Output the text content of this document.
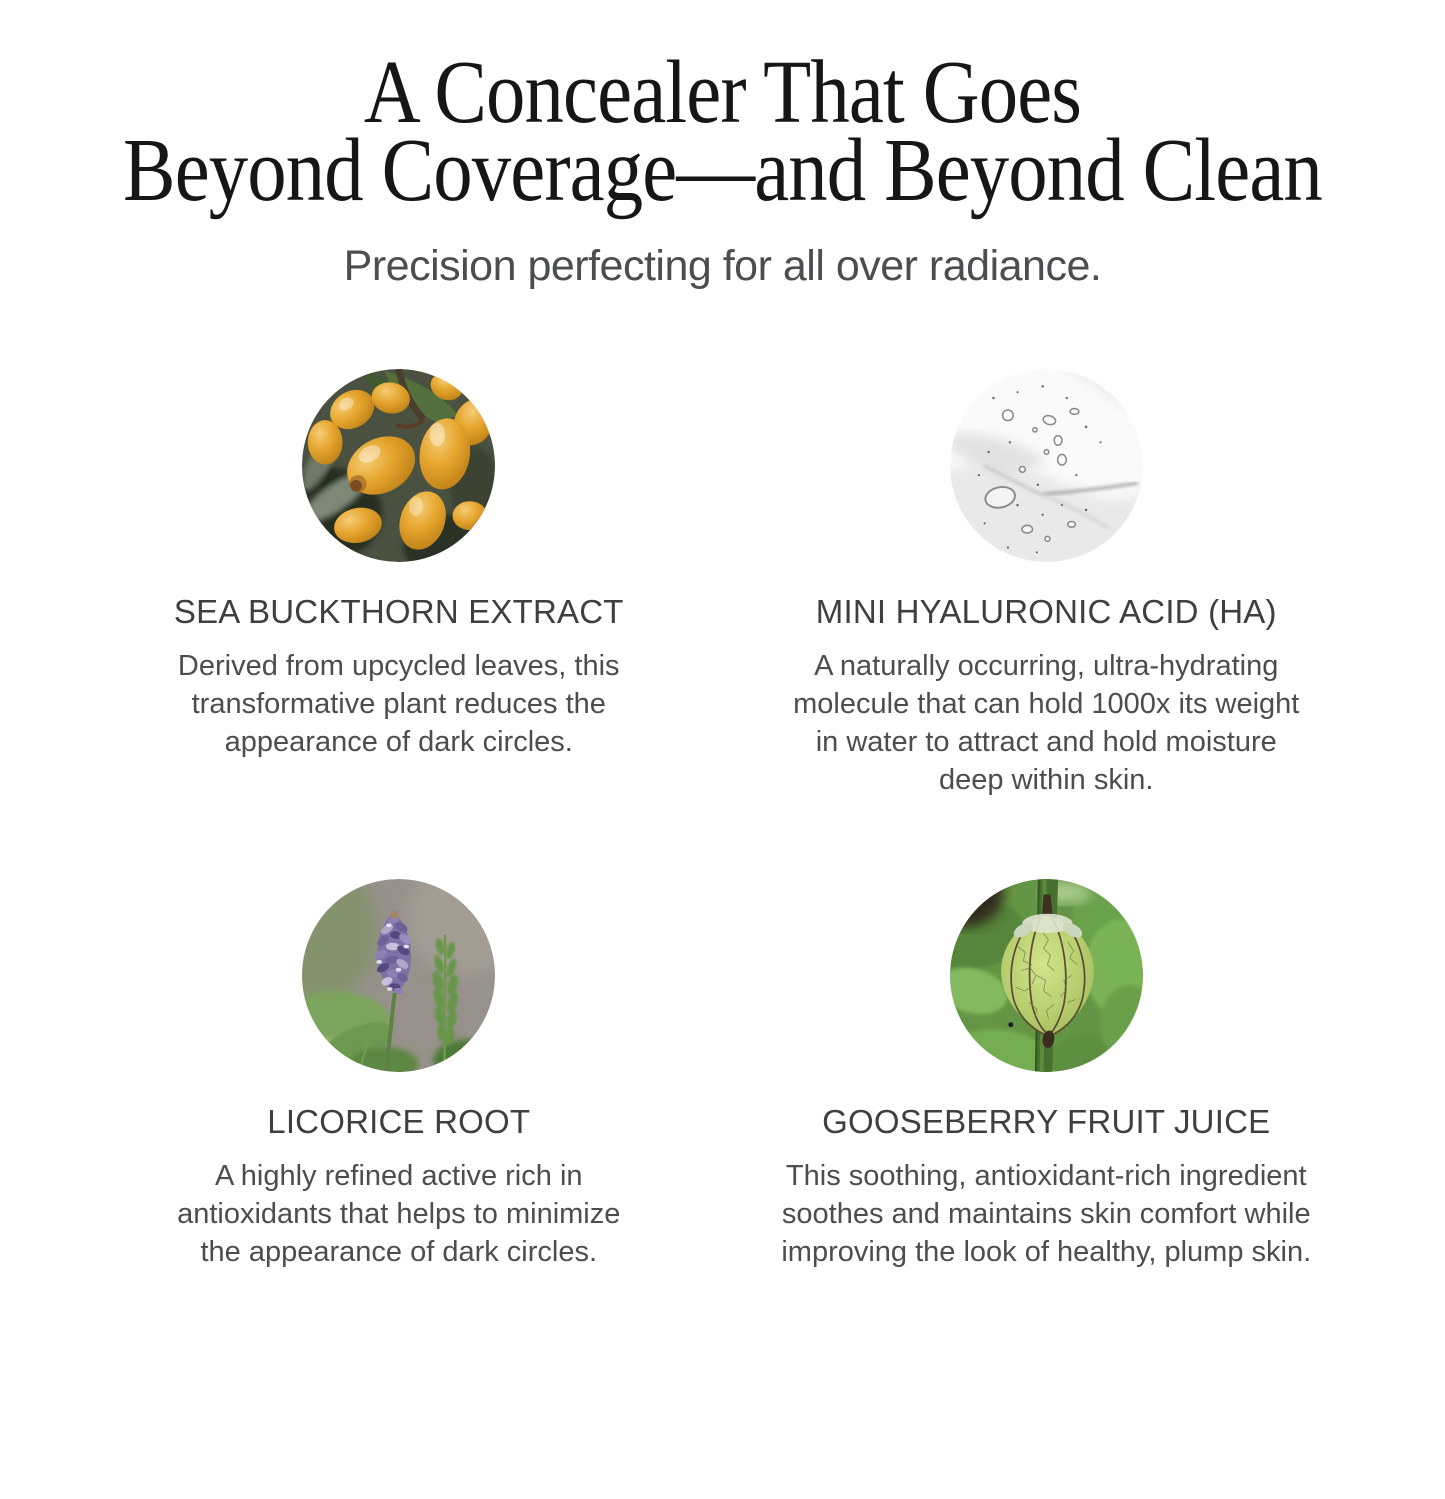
A Concealer That Goes
Beyond Coverage—and Beyond Clean
Precision perfecting for all over radiance.
SEA BUCKTHORN EXTRACT

Derived from upcycled leaves, this transformative plant reduces the appearance of dark circles.

MINI HYALURONIC ACID (HA)

A naturally occurring, ultra-hydrating molecule that can hold 1000x its weight in water to attract and hold moisture deep within skin.

LICORICE ROOT

A highly refined active rich in antioxidants that helps to minimize the appearance of dark circles.

GOOSEBERRY FRUIT JUICE

This soothing, antioxidant-rich ingredient soothes and maintains skin comfort while improving the look of healthy, plump skin.
